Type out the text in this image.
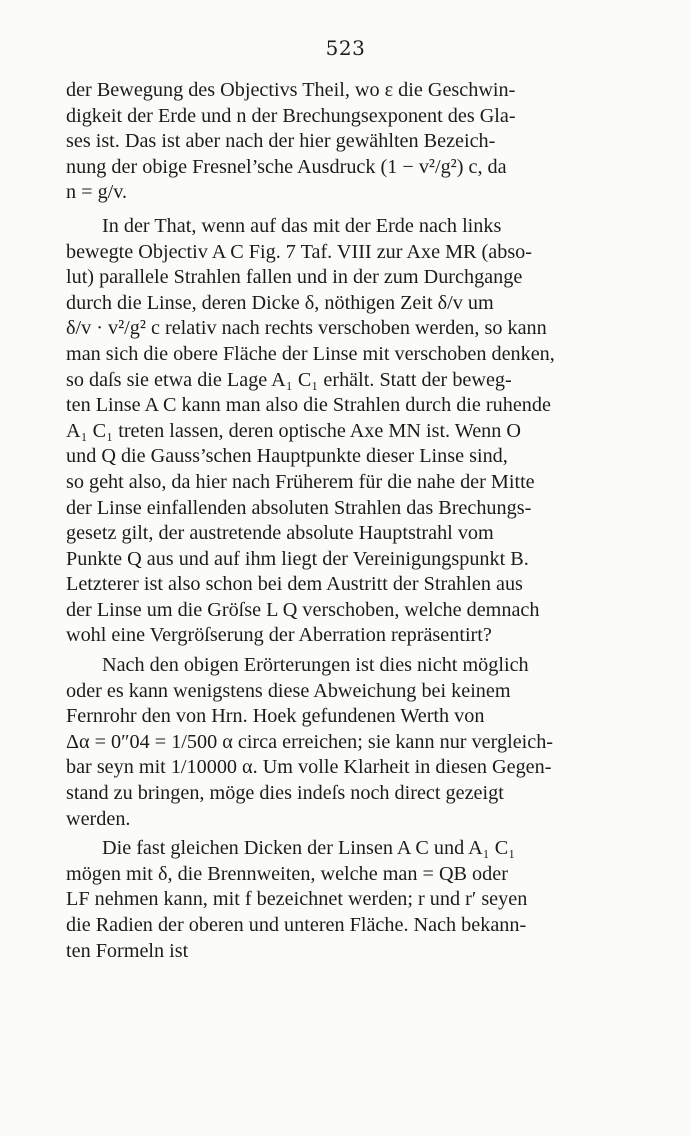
523

der Bewegung des Objectivs Theil, wo ε die Geschwin-
digkeit der Erde und n der Brechungsexponent des Gla-
ses ist. Das ist aber nach der hier gewählten Bezeich-
nung der obige Fresnel’sche Ausdruck (1 − v²/g²) c, da
n = g/v.

In der That, wenn auf das mit der Erde nach links
bewegte Objectiv A C Fig. 7 Taf. VIII zur Axe MR (abso-
lut) parallele Strahlen fallen und in der zum Durchgange
durch die Linse, deren Dicke δ, nöthigen Zeit δ/v um
δ/v · v²/g² c relativ nach rechts verschoben werden, so kann
man sich die obere Fläche der Linse mit verschoben denken,
so daſs sie etwa die Lage A₁ C₁ erhält. Statt der beweg-
ten Linse A C kann man also die Strahlen durch die ruhende
A₁ C₁ treten lassen, deren optische Axe MN ist. Wenn O
und Q die Gauss’schen Hauptpunkte dieser Linse sind,
so geht also, da hier nach Früherem für die nahe der Mitte
der Linse einfallenden absoluten Strahlen das Brechungs-
gesetz gilt, der austretende absolute Hauptstrahl vom
Punkte Q aus und auf ihm liegt der Vereinigungspunkt B.
Letzterer ist also schon bei dem Austritt der Strahlen aus
der Linse um die Gröſse L Q verschoben, welche demnach
wohl eine Vergröſserung der Aberration repräsentirt?

Nach den obigen Erörterungen ist dies nicht möglich
oder es kann wenigstens diese Abweichung bei keinem
Fernrohr den von Hrn. Hoek gefundenen Werth von
Δα = 0″04 = 1/500 α circa erreichen; sie kann nur vergleich-
bar seyn mit 1/10000 α. Um volle Klarheit in diesen Gegen-
stand zu bringen, möge dies indeſs noch direct gezeigt
werden.

Die fast gleichen Dicken der Linsen A C und A₁ C₁
mögen mit δ, die Brennweiten, welche man = QB oder
LF nehmen kann, mit f bezeichnet werden; r und r′ seyen
die Radien der oberen und unteren Fläche. Nach bekann-
ten Formeln ist
